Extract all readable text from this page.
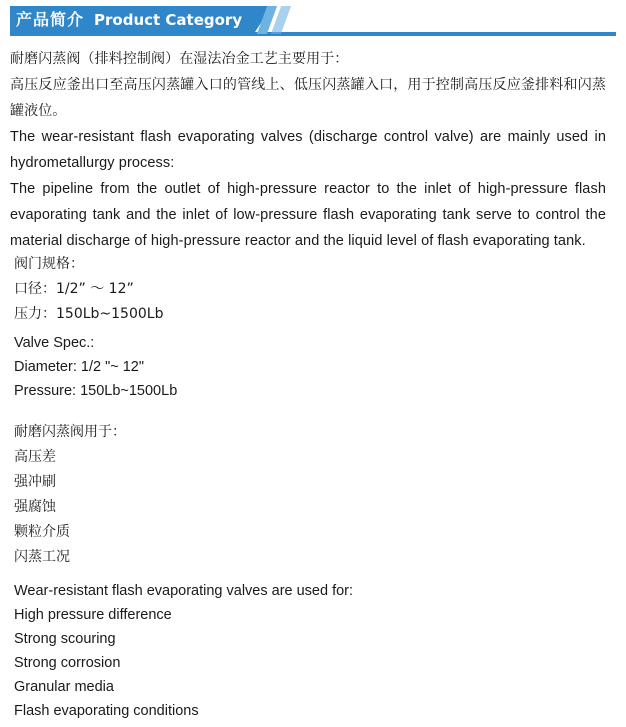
产品简介 Product Category

耐磨闪蒸阀（排料控制阀）在湿法冶金工艺主要用于：

高压反应釜出口至高压闪蒸罐入口的管线上、低压闪蒸罐入口，用于控制高压反应釜排料和闪蒸罐液位。

The wear-resistant flash evaporating valves (discharge control valve) are mainly used in hydrometallurgy process:

The pipeline from the outlet of high-pressure reactor to the inlet of high-pressure flash evaporating tank and the inlet of low-pressure flash evaporating tank serve to control the material discharge of high-pressure reactor and the liquid level of flash evaporating tank.

阀门规格：
口径：1/2” ～ 12”
压力：150Lb~1500Lb
Valve Spec.:
Diameter: 1/2 "~ 12"
Pressure: 150Lb~1500Lb
耐磨闪蒸阀用于：
高压差
强冲刷
强腐蚀
颗粒介质
闪蒸工况
Wear-resistant flash evaporating valves are used for:
High pressure difference
Strong scouring
Strong corrosion
Granular media
Flash evaporating conditions
